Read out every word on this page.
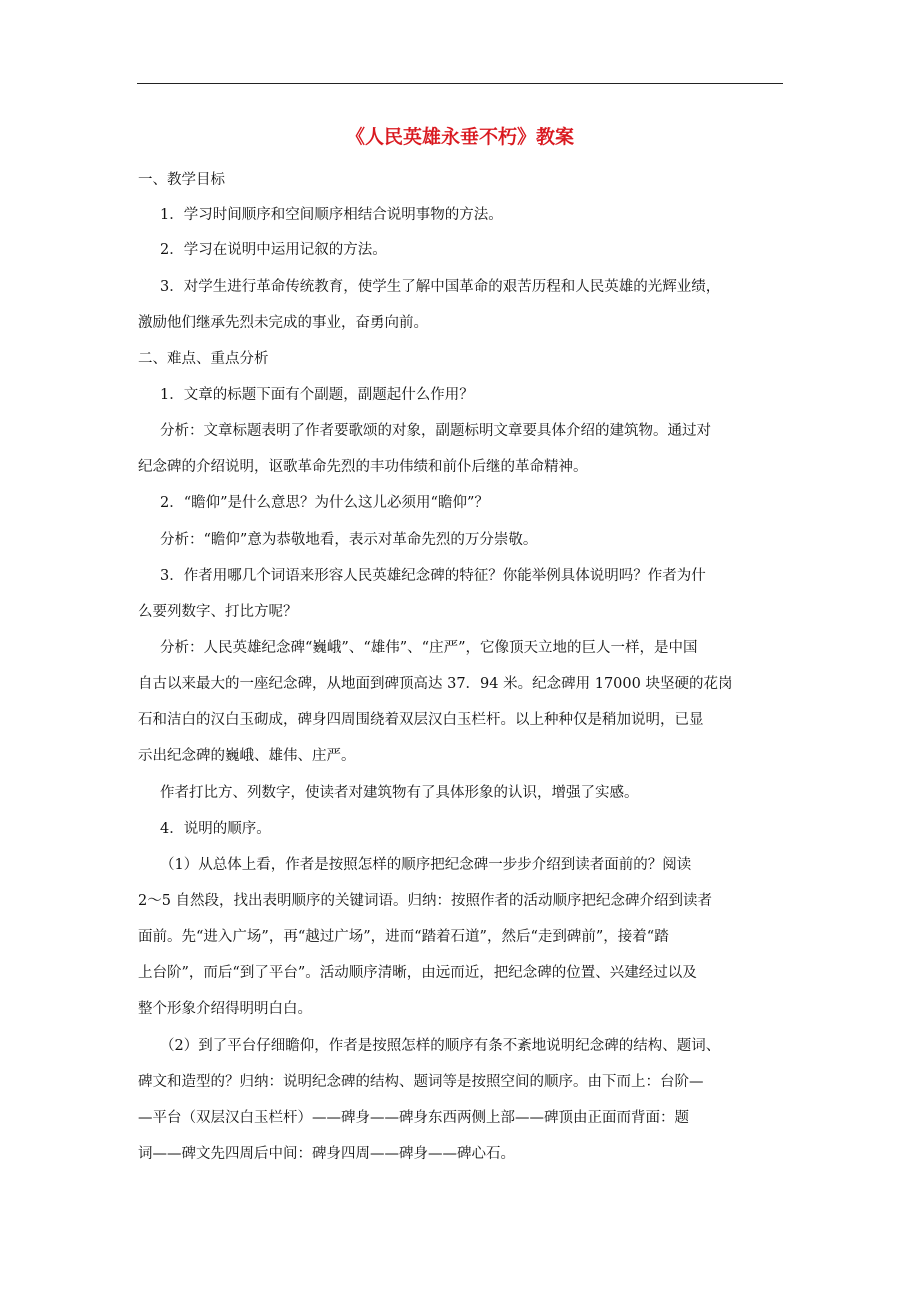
《人民英雄永垂不朽》教案

一、教学目标

1．学习时间顺序和空间顺序相结合说明事物的方法。

2．学习在说明中运用记叙的方法。

3．对学生进行革命传统教育，使学生了解中国革命的艰苦历程和人民英雄的光辉业绩，

激励他们继承先烈未完成的事业，奋勇向前。

二、难点、重点分析

1．文章的标题下面有个副题，副题起什么作用？

分析：文章标题表明了作者要歌颂的对象，副题标明文章要具体介绍的建筑物。通过对

纪念碑的介绍说明，讴歌革命先烈的丰功伟绩和前仆后继的革命精神。

2．“瞻仰”是什么意思？为什么这儿必须用“瞻仰”？

分析：“瞻仰”意为恭敬地看，表示对革命先烈的万分崇敬。

3．作者用哪几个词语来形容人民英雄纪念碑的特征？你能举例具体说明吗？作者为什

么要列数字、打比方呢？

分析：人民英雄纪念碑“巍峨”、“雄伟”、“庄严”，它像顶天立地的巨人一样，是中国

自古以来最大的一座纪念碑，从地面到碑顶高达 37．94 米。纪念碑用 17000 块坚硬的花岗

石和洁白的汉白玉砌成，碑身四周围绕着双层汉白玉栏杆。以上种种仅是稍加说明，已显

示出纪念碑的巍峨、雄伟、庄严。

作者打比方、列数字，使读者对建筑物有了具体形象的认识，增强了实感。

4．说明的顺序。

（1）从总体上看，作者是按照怎样的顺序把纪念碑一步步介绍到读者面前的？阅读

2～5 自然段，找出表明顺序的关键词语。归纳：按照作者的活动顺序把纪念碑介绍到读者

面前。先“进入广场”，再“越过广场”，进而“踏着石道”，然后“走到碑前”，接着“踏

上台阶”，而后“到了平台”。活动顺序清晰，由远而近，把纪念碑的位置、兴建经过以及

整个形象介绍得明明白白。

（2）到了平台仔细瞻仰，作者是按照怎样的顺序有条不紊地说明纪念碑的结构、题词、

碑文和造型的？归纳：说明纪念碑的结构、题词等是按照空间的顺序。由下而上：台阶—

—平台（双层汉白玉栏杆）——碑身——碑身东西两侧上部——碑顶由正面而背面：题

词——碑文先四周后中间：碑身四周——碑身——碑心石。
